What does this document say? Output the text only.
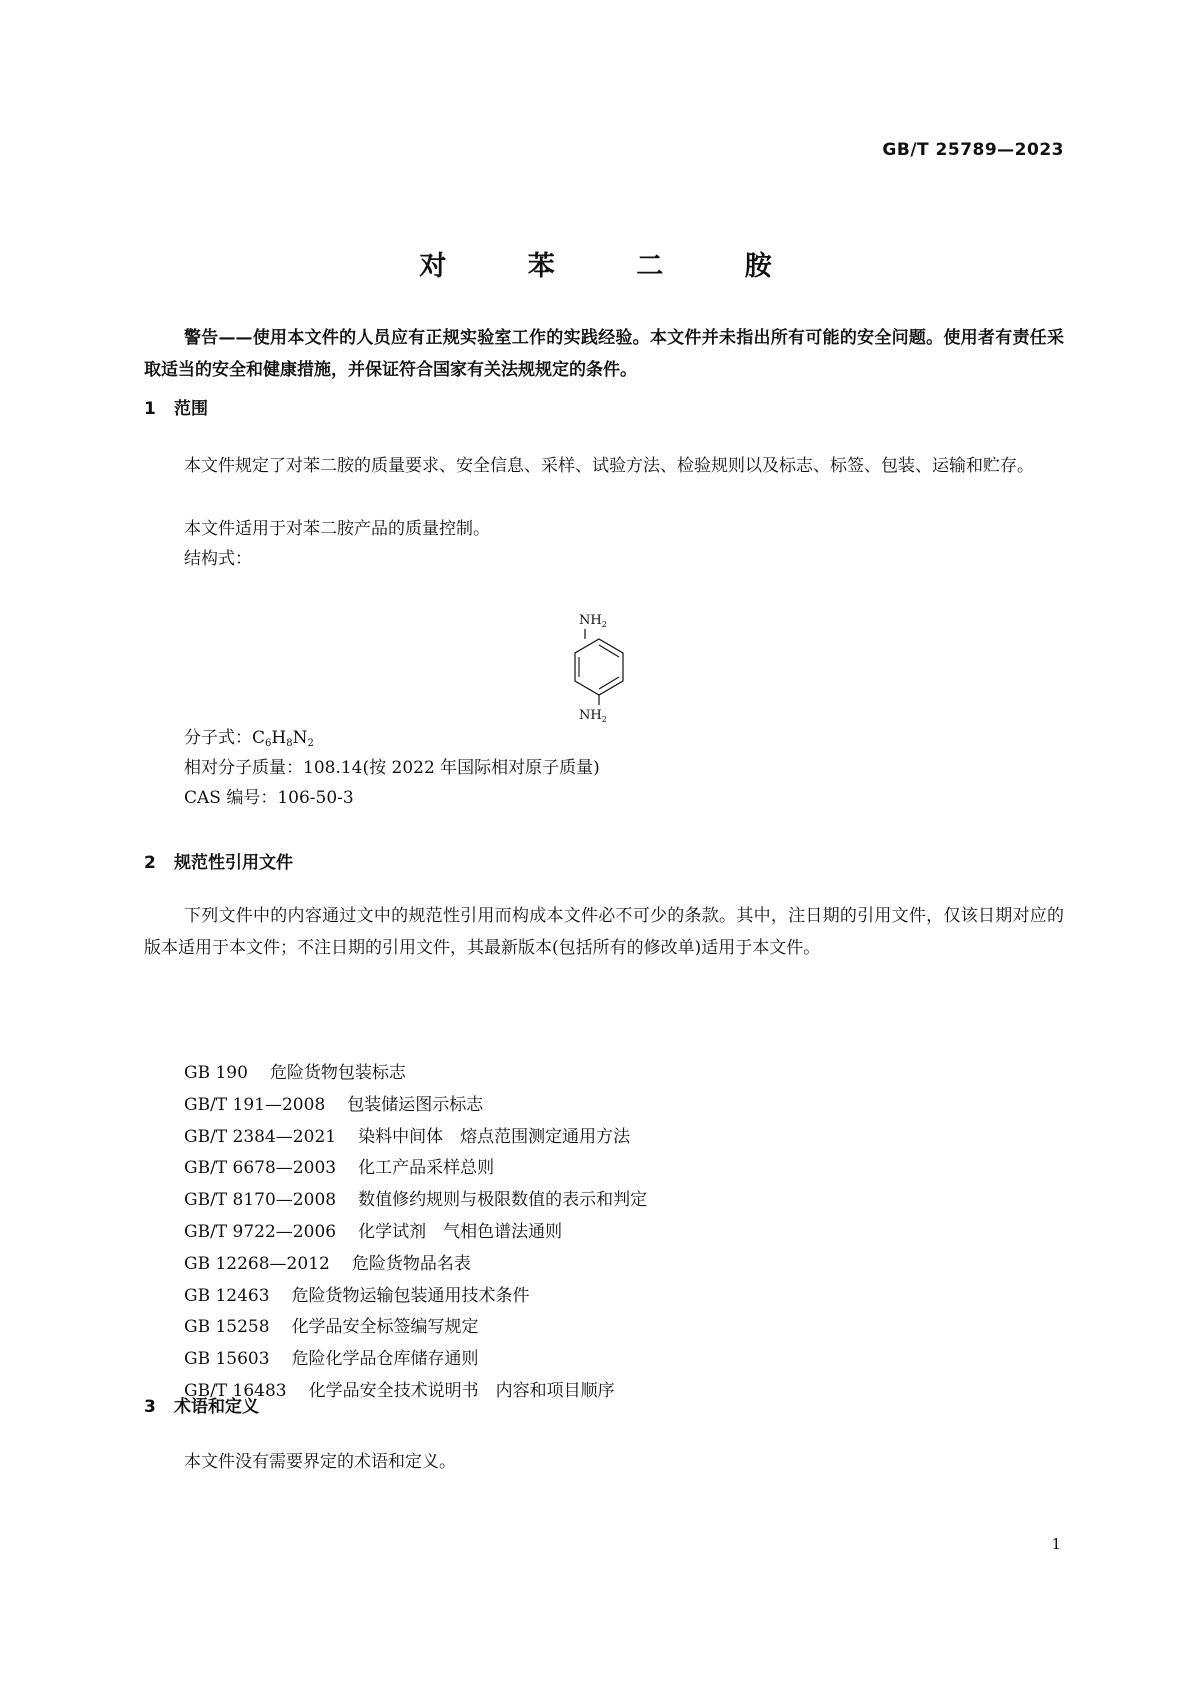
GB/T 25789—2023
对 苯 二 胺
警告——使用本文件的人员应有正规实验室工作的实践经验。本文件并未指出所有可能的安全问题。使用者有责任采取适当的安全和健康措施，并保证符合国家有关法规规定的条件。
1 范围
本文件规定了对苯二胺的质量要求、安全信息、采样、试验方法、检验规则以及标志、标签、包装、运输和贮存。
本文件适用于对苯二胺产品的质量控制。
结构式：
$NH_2$
$NH_2$
分子式：$C_6H_8N_2$
相对分子质量：108.14(按 2022 年国际相对原子质量)
CAS 编号：106-50-3
2 规范性引用文件
下列文件中的内容通过文中的规范性引用而构成本文件必不可少的条款。其中，注日期的引用文件，仅该日期对应的版本适用于本文件；不注日期的引用文件，其最新版本(包括所有的修改单)适用于本文件。
GB 190 危险货物包装标志
GB/T 191—2008 包装储运图示标志
GB/T 2384—2021 染料中间体　熔点范围测定通用方法
GB/T 6678—2003 化工产品采样总则
GB/T 8170—2008 数值修约规则与极限数值的表示和判定
GB/T 9722—2006 化学试剂　气相色谱法通则
GB 12268—2012 危险货物品名表
GB 12463 危险货物运输包装通用技术条件
GB 15258 化学品安全标签编写规定
GB 15603 危险化学品仓库储存通则
GB/T 16483 化学品安全技术说明书　内容和项目顺序
3 术语和定义
本文件没有需要界定的术语和定义。
1
